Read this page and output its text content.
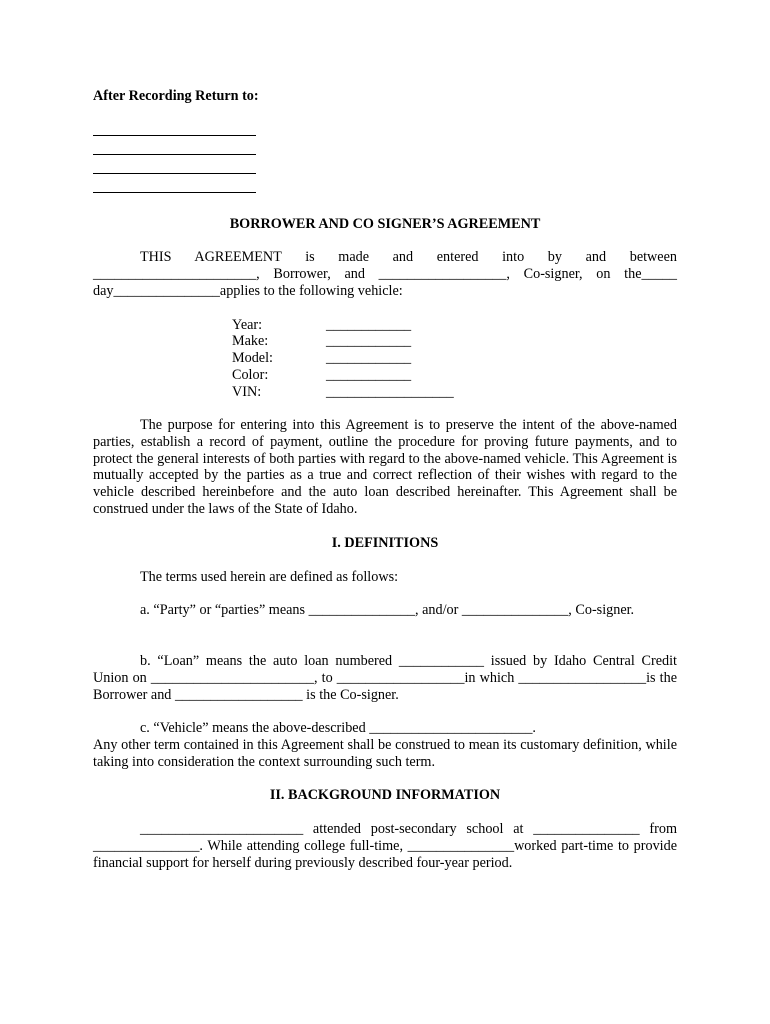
After Recording Return to:
BORROWER AND CO SIGNER’S AGREEMENT
THIS AGREEMENT is made and entered into by and between
_______________________, Borrower, and __________________, Co-signer, on the_____
day_______________applies to the following vehicle:
Year:	____________
Make:	____________
Model:	____________
Color:	____________
VIN:	__________________
The purpose for entering into this Agreement is to preserve the intent of the above-named parties, establish a record of payment, outline the procedure for proving future payments, and to protect the general interests of both parties with regard to the above-named vehicle. This Agreement is mutually accepted by the parties as a true and correct reflection of their wishes with regard to the vehicle described hereinbefore and the auto loan described hereinafter. This Agreement shall be construed under the laws of the State of Idaho.
I. DEFINITIONS
The terms used herein are defined as follows:
a. “Party” or “parties” means _______________, and/or _______________, Co-signer.
b. “Loan” means the auto loan numbered ____________ issued by Idaho Central Credit Union on _______________________, to __________________in which __________________is the Borrower and __________________ is the Co-signer.
c. “Vehicle” means the above-described _______________________.
Any other term contained in this Agreement shall be construed to mean its customary definition, while taking into consideration the context surrounding such term.
II. BACKGROUND INFORMATION
_______________________ attended post-secondary school at _______________ from _______________. While attending college full-time, _______________worked part-time to provide financial support for herself during previously described four-year period.
